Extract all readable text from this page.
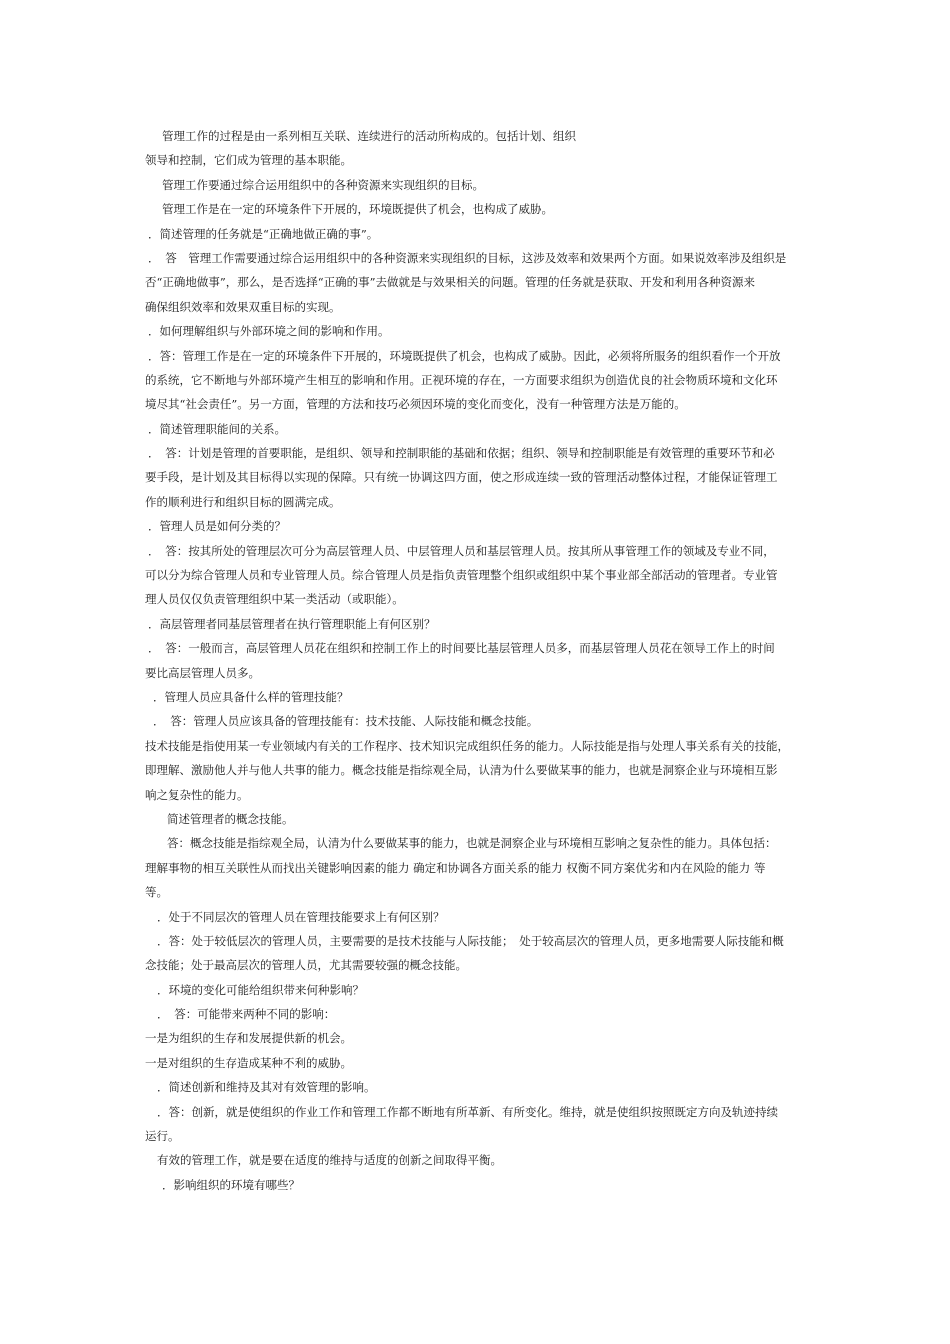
管理工作的过程是由一系列相互关联、连续进行的活动所构成的。包括计划、组织
领导和控制，它们成为管理的基本职能。
管理工作要通过综合运用组织中的各种资源来实现组织的目标。
管理工作是在一定的环境条件下开展的，环境既提供了机会，也构成了威胁。
．简述管理的任务就是“正确地做正确的事”。
．　答　管理工作需要通过综合运用组织中的各种资源来实现组织的目标，这涉及效率和效果两个方面。如果说效率涉及组织是
否“正确地做事”，那么，是否选择“正确的事”去做就是与效果相关的问题。管理的任务就是获取、开发和利用各种资源来
确保组织效率和效果双重目标的实现。
．如何理解组织与外部环境之间的影响和作用。
．答：管理工作是在一定的环境条件下开展的，环境既提供了机会，也构成了威胁。因此，必须将所服务的组织看作一个开放
的系统，它不断地与外部环境产生相互的影响和作用。正视环境的存在，一方面要求组织为创造优良的社会物质环境和文化环
境尽其“社会责任”。另一方面，管理的方法和技巧必须因环境的变化而变化，没有一种管理方法是万能的。
．简述管理职能间的关系。
．　答：计划是管理的首要职能，是组织、领导和控制职能的基础和依据；组织、领导和控制职能是有效管理的重要环节和必
要手段，是计划及其目标得以实现的保障。只有统一协调这四方面，使之形成连续一致的管理活动整体过程，才能保证管理工
作的顺利进行和组织目标的圆满完成。
．管理人员是如何分类的？
．　答：按其所处的管理层次可分为高层管理人员、中层管理人员和基层管理人员。按其所从事管理工作的领域及专业不同，
可以分为综合管理人员和专业管理人员。综合管理人员是指负责管理整个组织或组织中某个事业部全部活动的管理者。专业管
理人员仅仅负责管理组织中某一类活动（或职能）。
．高层管理者同基层管理者在执行管理职能上有何区别？
．　答：一般而言，高层管理人员花在组织和控制工作上的时间要比基层管理人员多，而基层管理人员花在领导工作上的时间
要比高层管理人员多。
．管理人员应具备什么样的管理技能？
．　答：管理人员应该具备的管理技能有：技术技能、人际技能和概念技能。
技术技能是指使用某一专业领域内有关的工作程序、技术知识完成组织任务的能力。人际技能是指与处理人事关系有关的技能，
即理解、激励他人并与他人共事的能力。概念技能是指综观全局，认清为什么要做某事的能力，也就是洞察企业与环境相互影
响之复杂性的能力。
简述管理者的概念技能。
答：概念技能是指综观全局，认清为什么要做某事的能力，也就是洞察企业与环境相互影响之复杂性的能力。具体包括：
理解事物的相互关联性从而找出关键影响因素的能力 确定和协调各方面关系的能力 权衡不同方案优劣和内在风险的能力 等
等。
．处于不同层次的管理人员在管理技能要求上有何区别？
．答：处于较低层次的管理人员，主要需要的是技术技能与人际技能；　处于较高层次的管理人员，更多地需要人际技能和概
念技能；处于最高层次的管理人员，尤其需要较强的概念技能。
．环境的变化可能给组织带来何种影响？
．　答：可能带来两种不同的影响：
一是为组织的生存和发展提供新的机会。
一是对组织的生存造成某种不利的威胁。
．简述创新和维持及其对有效管理的影响。
．答：创新，就是使组织的作业工作和管理工作都不断地有所革新、有所变化。维持，就是使组织按照既定方向及轨迹持续
运行。
有效的管理工作，就是要在适度的维持与适度的创新之间取得平衡。
．影响组织的环境有哪些？
